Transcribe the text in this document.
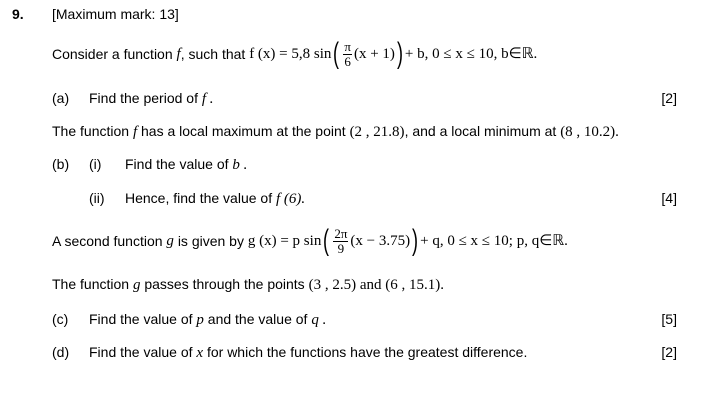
9. [Maximum mark: 13]
Consider a function
f , such that
f (x) = 5,8 sin ( $\frac{\pi}{6} (x + 1)$ ) + b, 0 ≤ x ≤ 10, b∈ℝ.
(a) Find the period of f .	[2]
The function f has a local maximum at the point (2 , 21.8), and a local minimum at (8 , 10.2).
(b) (i) Find the value of b .
(ii) Hence, find the value of f (6).	[4]
A second function
g
is given by
g (x) = p sin ( $\frac{2\pi}{9} (x - 3.75)$ ) + q, 0 ≤ x ≤ 10; p, q∈ℝ.
The function g passes through the points (3 , 2.5) and (6 , 15.1).
(c) Find the value of p and the value of q .	[5]
(d) Find the value of x for which the functions have the greatest difference.	[2]
